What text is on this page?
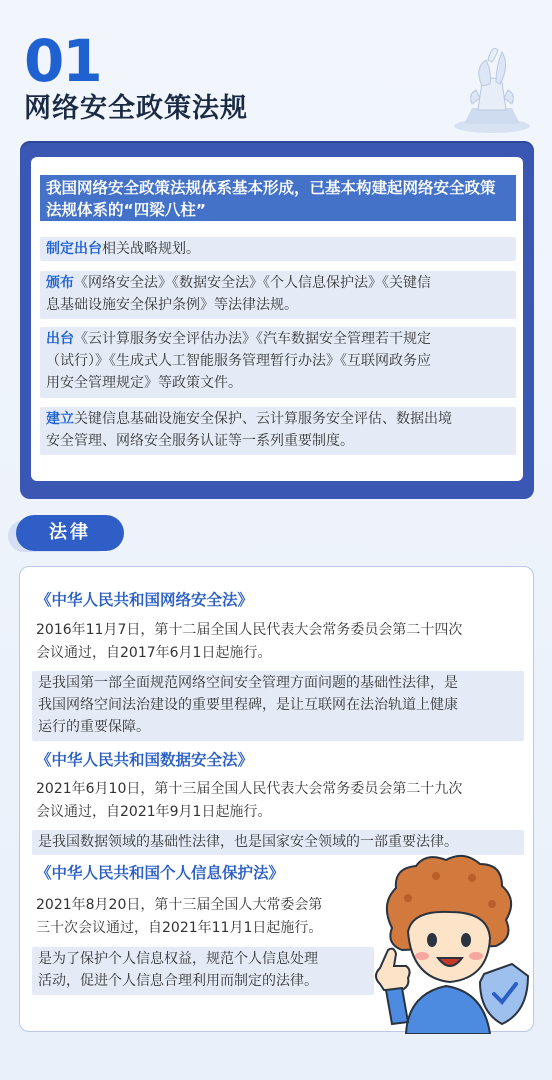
01
网络安全政策法规
我国网络安全政策法规体系基本形成，已基本构建起网络安全政策法规体系的“四梁八柱”
制定出台相关战略规划。
颁布《网络安全法》《数据安全法》《个人信息保护法》《关键信
息基础设施安全保护条例》等法律法规。
出台《云计算服务安全评估办法》《汽车数据安全管理若干规定
（试行）》《生成式人工智能服务管理暂行办法》《互联网政务应
用安全管理规定》等政策文件。
建立关键信息基础设施安全保护、云计算服务安全评估、数据出境
安全管理、网络安全服务认证等一系列重要制度。
法律
《中华人民共和国网络安全法》
2016年11月7日，第十二届全国人民代表大会常务委员会第二十四次
会议通过，自2017年6月1日起施行。
是我国第一部全面规范网络空间安全管理方面问题的基础性法律，是
我国网络空间法治建设的重要里程碑，是让互联网在法治轨道上健康
运行的重要保障。
《中华人民共和国数据安全法》
2021年6月10日，第十三届全国人民代表大会常务委员会第二十九次
会议通过，自2021年9月1日起施行。
是我国数据领域的基础性法律，也是国家安全领域的一部重要法律。
《中华人民共和国个人信息保护法》
2021年8月20日，第十三届全国人大常委会第
三十次会议通过，自2021年11月1日起施行。
是为了保护个人信息权益，规范个人信息处理
活动，促进个人信息合理利用而制定的法律。
